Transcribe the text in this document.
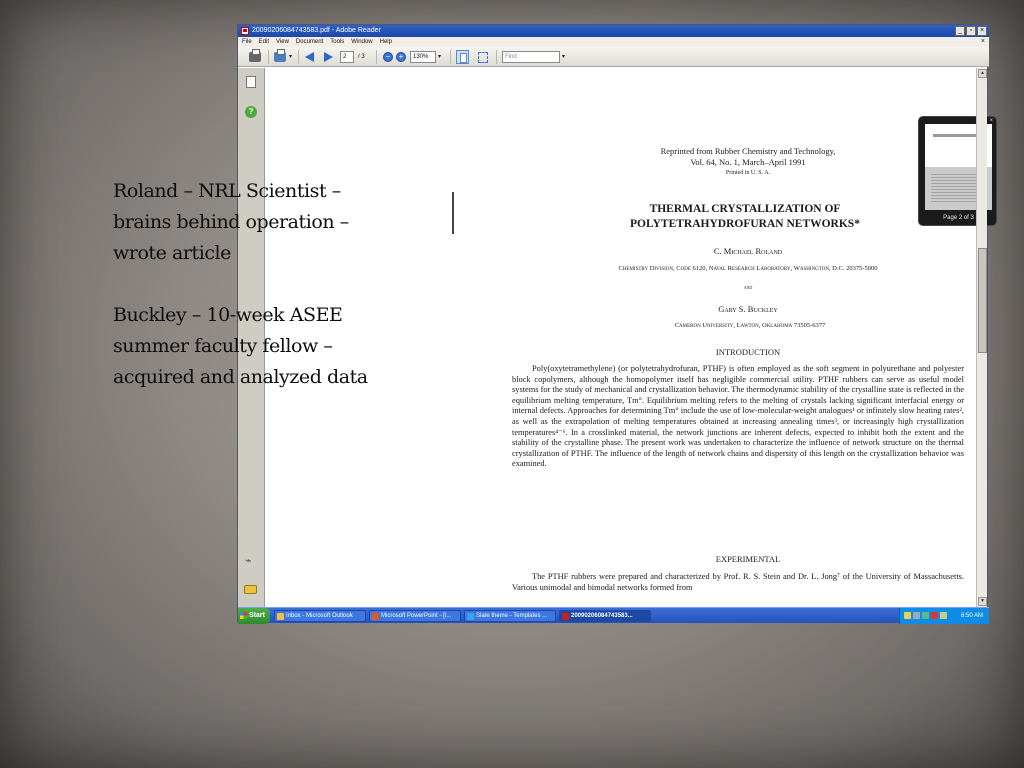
20090206084743583.pdf - Adobe Reader	_	▫	×
File Edit View Document Tools Window Help	×
▾	2	/ 3	−	+	130%	▾	Find	▾
?
⌁
Reprinted from Rubber Chemistry and Technology,
Vol. 64, No. 1, March–April 1991
Printed in U. S. A.
THERMAL CRYSTALLIZATION OF
POLYTETRAHYDROFURAN NETWORKS*
C. Michael Roland
Chemistry Division, Code 6120, Naval Research Laboratory, Washington, D.C. 20375-5000
and
Gary S. Buckley
Cameron University, Lawton, Oklahoma 73505-6377
INTRODUCTION
Poly(oxytetramethylene) (or polytetrahydrofuran, PTHF) is often employed as the soft segment in polyurethane and polyester block copolymers, although the homopolymer itself has negligible commercial utility. PTHF rubbers can serve as useful model systems for the study of mechanical and crystallization behavior. The thermodynamic stability of the crystalline state is reflected in the equilibrium melting temperature, Tm°. Equilibrium melting refers to the melting of crystals lacking significant interfacial energy or internal defects. Approaches for determining Tm° include the use of low-molecular-weight analogues¹ or infinitely slow heating rates², as well as the extrapolation of melting temperatures obtained at increasing annealing times³, or increasingly high crystallization temperatures⁴⁻⁶. In a crosslinked material, the network junctions are inherent defects, expected to inhibit both the extent and the stability of the crystalline phase. The present work was undertaken to characterize the influence of network structure on the thermal crystallization of PTHF. The influence of the length of network chains and dispersity of this length on the crystallization behavior was examined.
EXPERIMENTAL
The PTHF rubbers were prepared and characterized by Prof. R. S. Stein and Dr. L. Jong⁷ of the University of Massachusetts. Various unimodal and bimodal networks formed from
×
Page 2 of 3
▲
▼
Start	Inbox - Microsoft Outlook	Microsoft PowerPoint - [I...	Slate theme - Templates ...	20090206084743583...	8:50 AM

Roland – NRL Scientist –

brains behind operation –

wrote article

Buckley – 10-week ASEE

summer faculty fellow –

acquired and analyzed data
